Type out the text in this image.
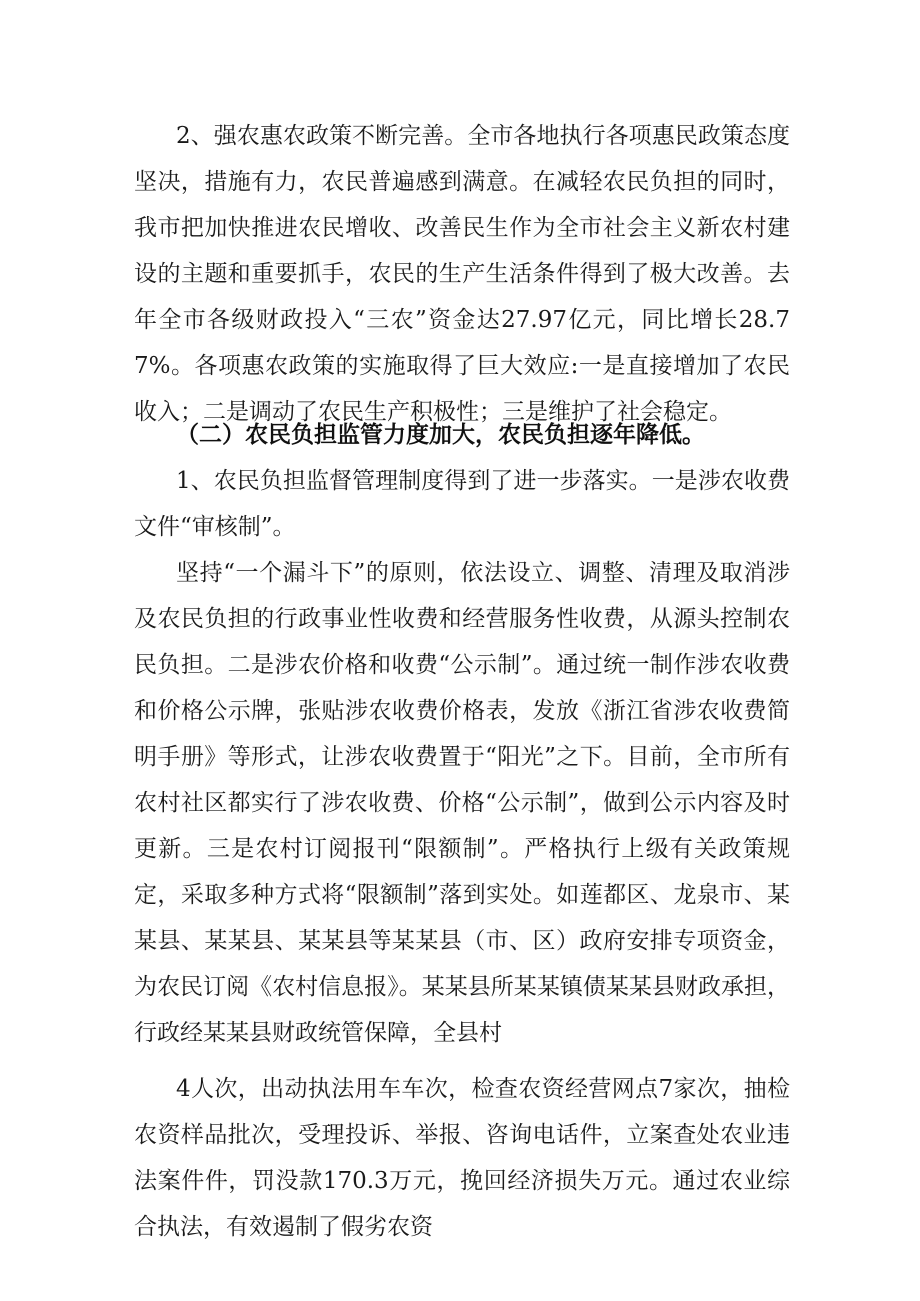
2、强农惠农政策不断完善。全市各地执行各项惠民政策态度坚决，措施有力，农民普遍感到满意。在减轻农民负担的同时，我市把加快推进农民增收、改善民生作为全市社会主义新农村建设的主题和重要抓手，农民的生产生活条件得到了极大改善。去年全市各级财政投入“三农”资金达27.97亿元，同比增长28.77%。各项惠农政策的实施取得了巨大效应:一是直接增加了农民收入；二是调动了农民生产积极性；三是维护了社会稳定。

（二）农民负担监管力度加大，农民负担逐年降低。

1、农民负担监督管理制度得到了进一步落实。一是涉农收费文件“审核制”。

坚持“一个漏斗下”的原则，依法设立、调整、清理及取消涉及农民负担的行政事业性收费和经营服务性收费，从源头控制农民负担。二是涉农价格和收费“公示制”。通过统一制作涉农收费和价格公示牌，张贴涉农收费价格表，发放《浙江省涉农收费简明手册》等形式，让涉农收费置于“阳光”之下。目前，全市所有农村社区都实行了涉农收费、价格“公示制”，做到公示内容及时更新。三是农村订阅报刊“限额制”。严格执行上级有关政策规定，采取多种方式将“限额制”落到实处。如莲都区、龙泉市、某某县、某某县、某某县等某某县（市、区）政府安排专项资金，为农民订阅《农村信息报》。某某县所某某镇债某某县财政承担，行政经某某县财政统管保障，全县村

4人次，出动执法用车车次，检查农资经营网点7家次，抽检农资样品批次，受理投诉、举报、咨询电话件，立案查处农业违法案件件，罚没款170.3万元，挽回经济损失万元。通过农业综合执法，有效遏制了假劣农资
